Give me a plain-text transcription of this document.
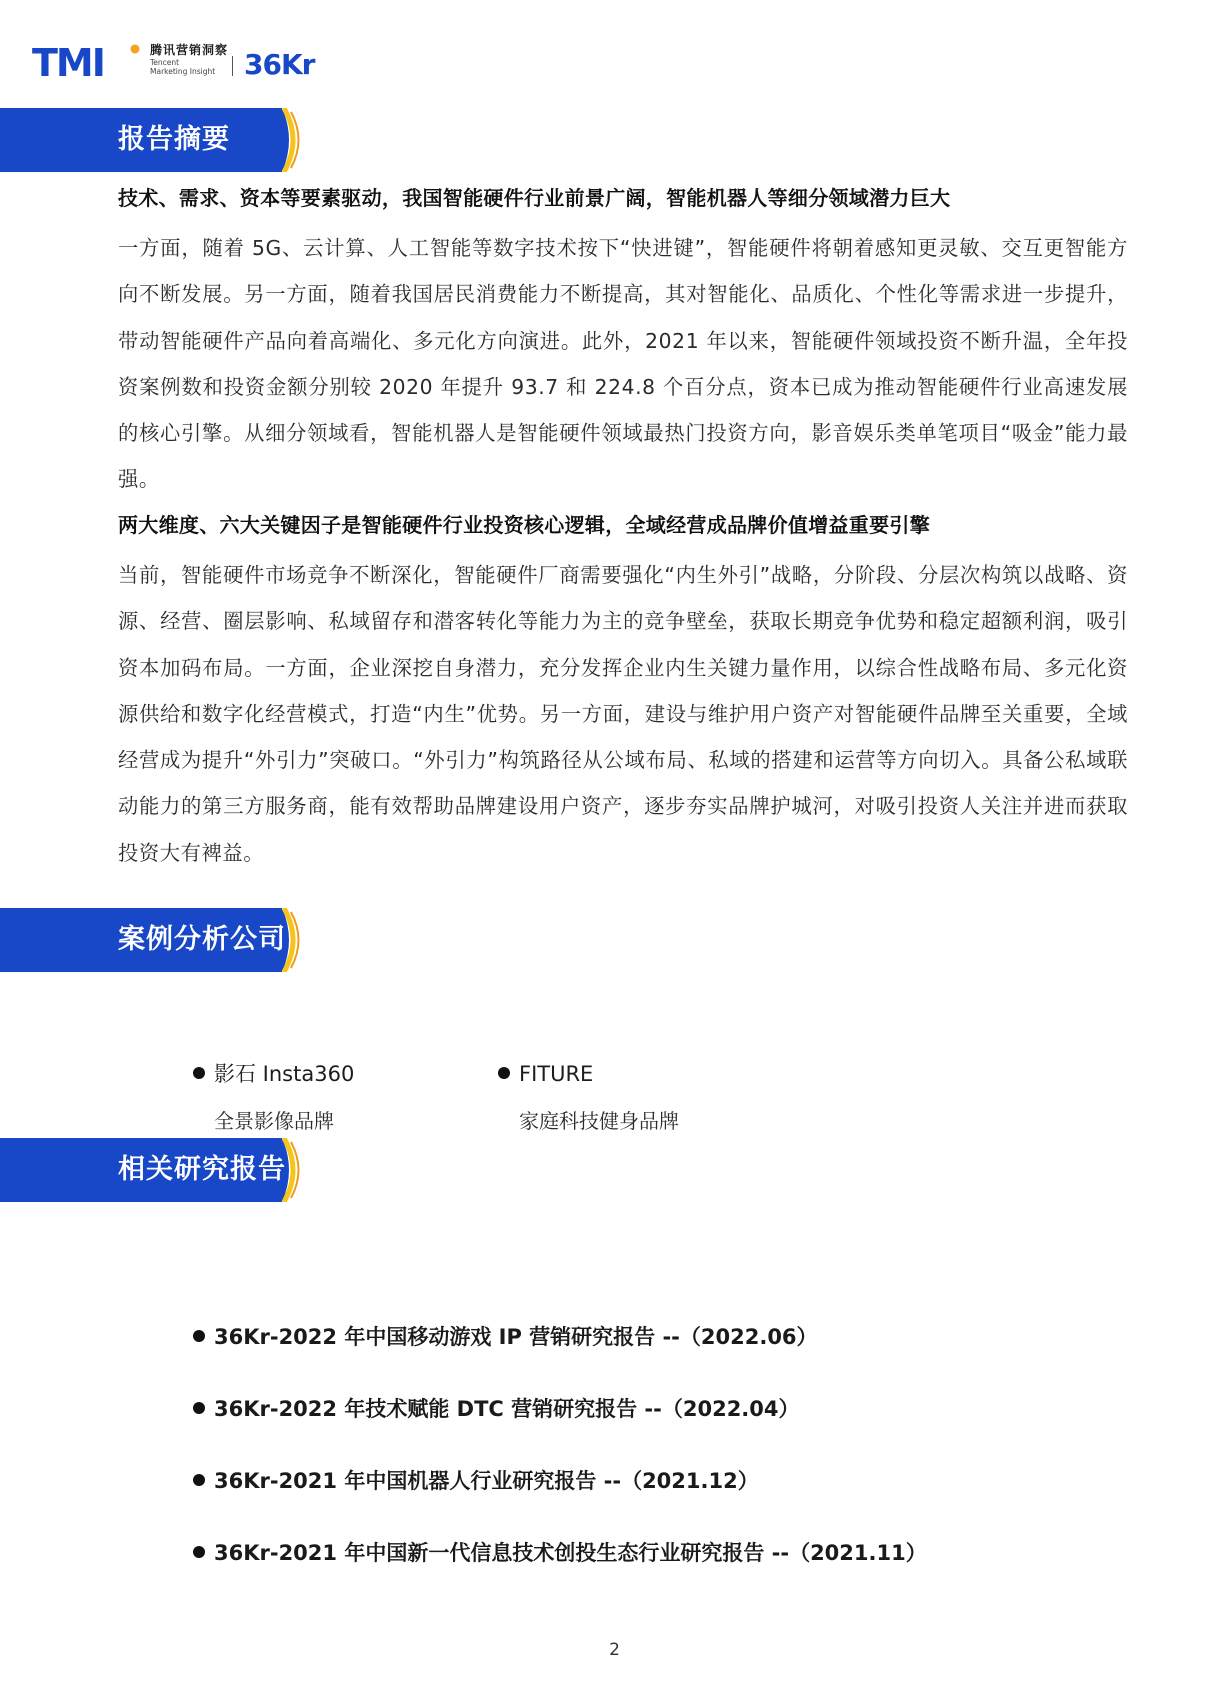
TMI	腾讯营销洞察
Tencent
Marketing Insight	36Kr
报告摘要
技术、需求、资本等要素驱动，我国智能硬件行业前景广阔，智能机器人等细分领域潜力巨大

一方面，随着 5G、云计算、人工智能等数字技术按下“快进键”，智能硬件将朝着感知更灵敏、交互更智能方向不断发展。另一方面，随着我国居民消费能力不断提高，其对智能化、品质化、个性化等需求进一步提升，带动智能硬件产品向着高端化、多元化方向演进。此外，2021 年以来，智能硬件领域投资不断升温，全年投资案例数和投资金额分别较 2020 年提升 93.7 和 224.8 个百分点，资本已成为推动智能硬件行业高速发展的核心引擎。从细分领域看，智能机器人是智能硬件领域最热门投资方向，影音娱乐类单笔项目“吸金”能力最强。

两大维度、六大关键因子是智能硬件行业投资核心逻辑，全域经营成品牌价值增益重要引擎

当前，智能硬件市场竞争不断深化，智能硬件厂商需要强化“内生外引”战略，分阶段、分层次构筑以战略、资源、经营、圈层影响、私域留存和潜客转化等能力为主的竞争壁垒，获取长期竞争优势和稳定超额利润，吸引资本加码布局。一方面，企业深挖自身潜力，充分发挥企业内生关键力量作用，以综合性战略布局、多元化资源供给和数字化经营模式，打造“内生”优势。另一方面，建设与维护用户资产对智能硬件品牌至关重要，全域经营成为提升“外引力”突破口。“外引力”构筑路径从公域布局、私域的搭建和运营等方向切入。具备公私域联动能力的第三方服务商，能有效帮助品牌建设用户资产，逐步夯实品牌护城河，对吸引投资人关注并进而获取投资大有裨益。

案例分析公司
影石 Insta360
全景影像品牌
FITURE
家庭科技健身品牌
相关研究报告
36Kr-2022 年中国移动游戏 IP 营销研究报告 --（2022.06）
36Kr-2022 年技术赋能 DTC 营销研究报告 --（2022.04）
36Kr-2021 年中国机器人行业研究报告 --（2021.12）
36Kr-2021 年中国新一代信息技术创投生态行业研究报告 --（2021.11）
2
